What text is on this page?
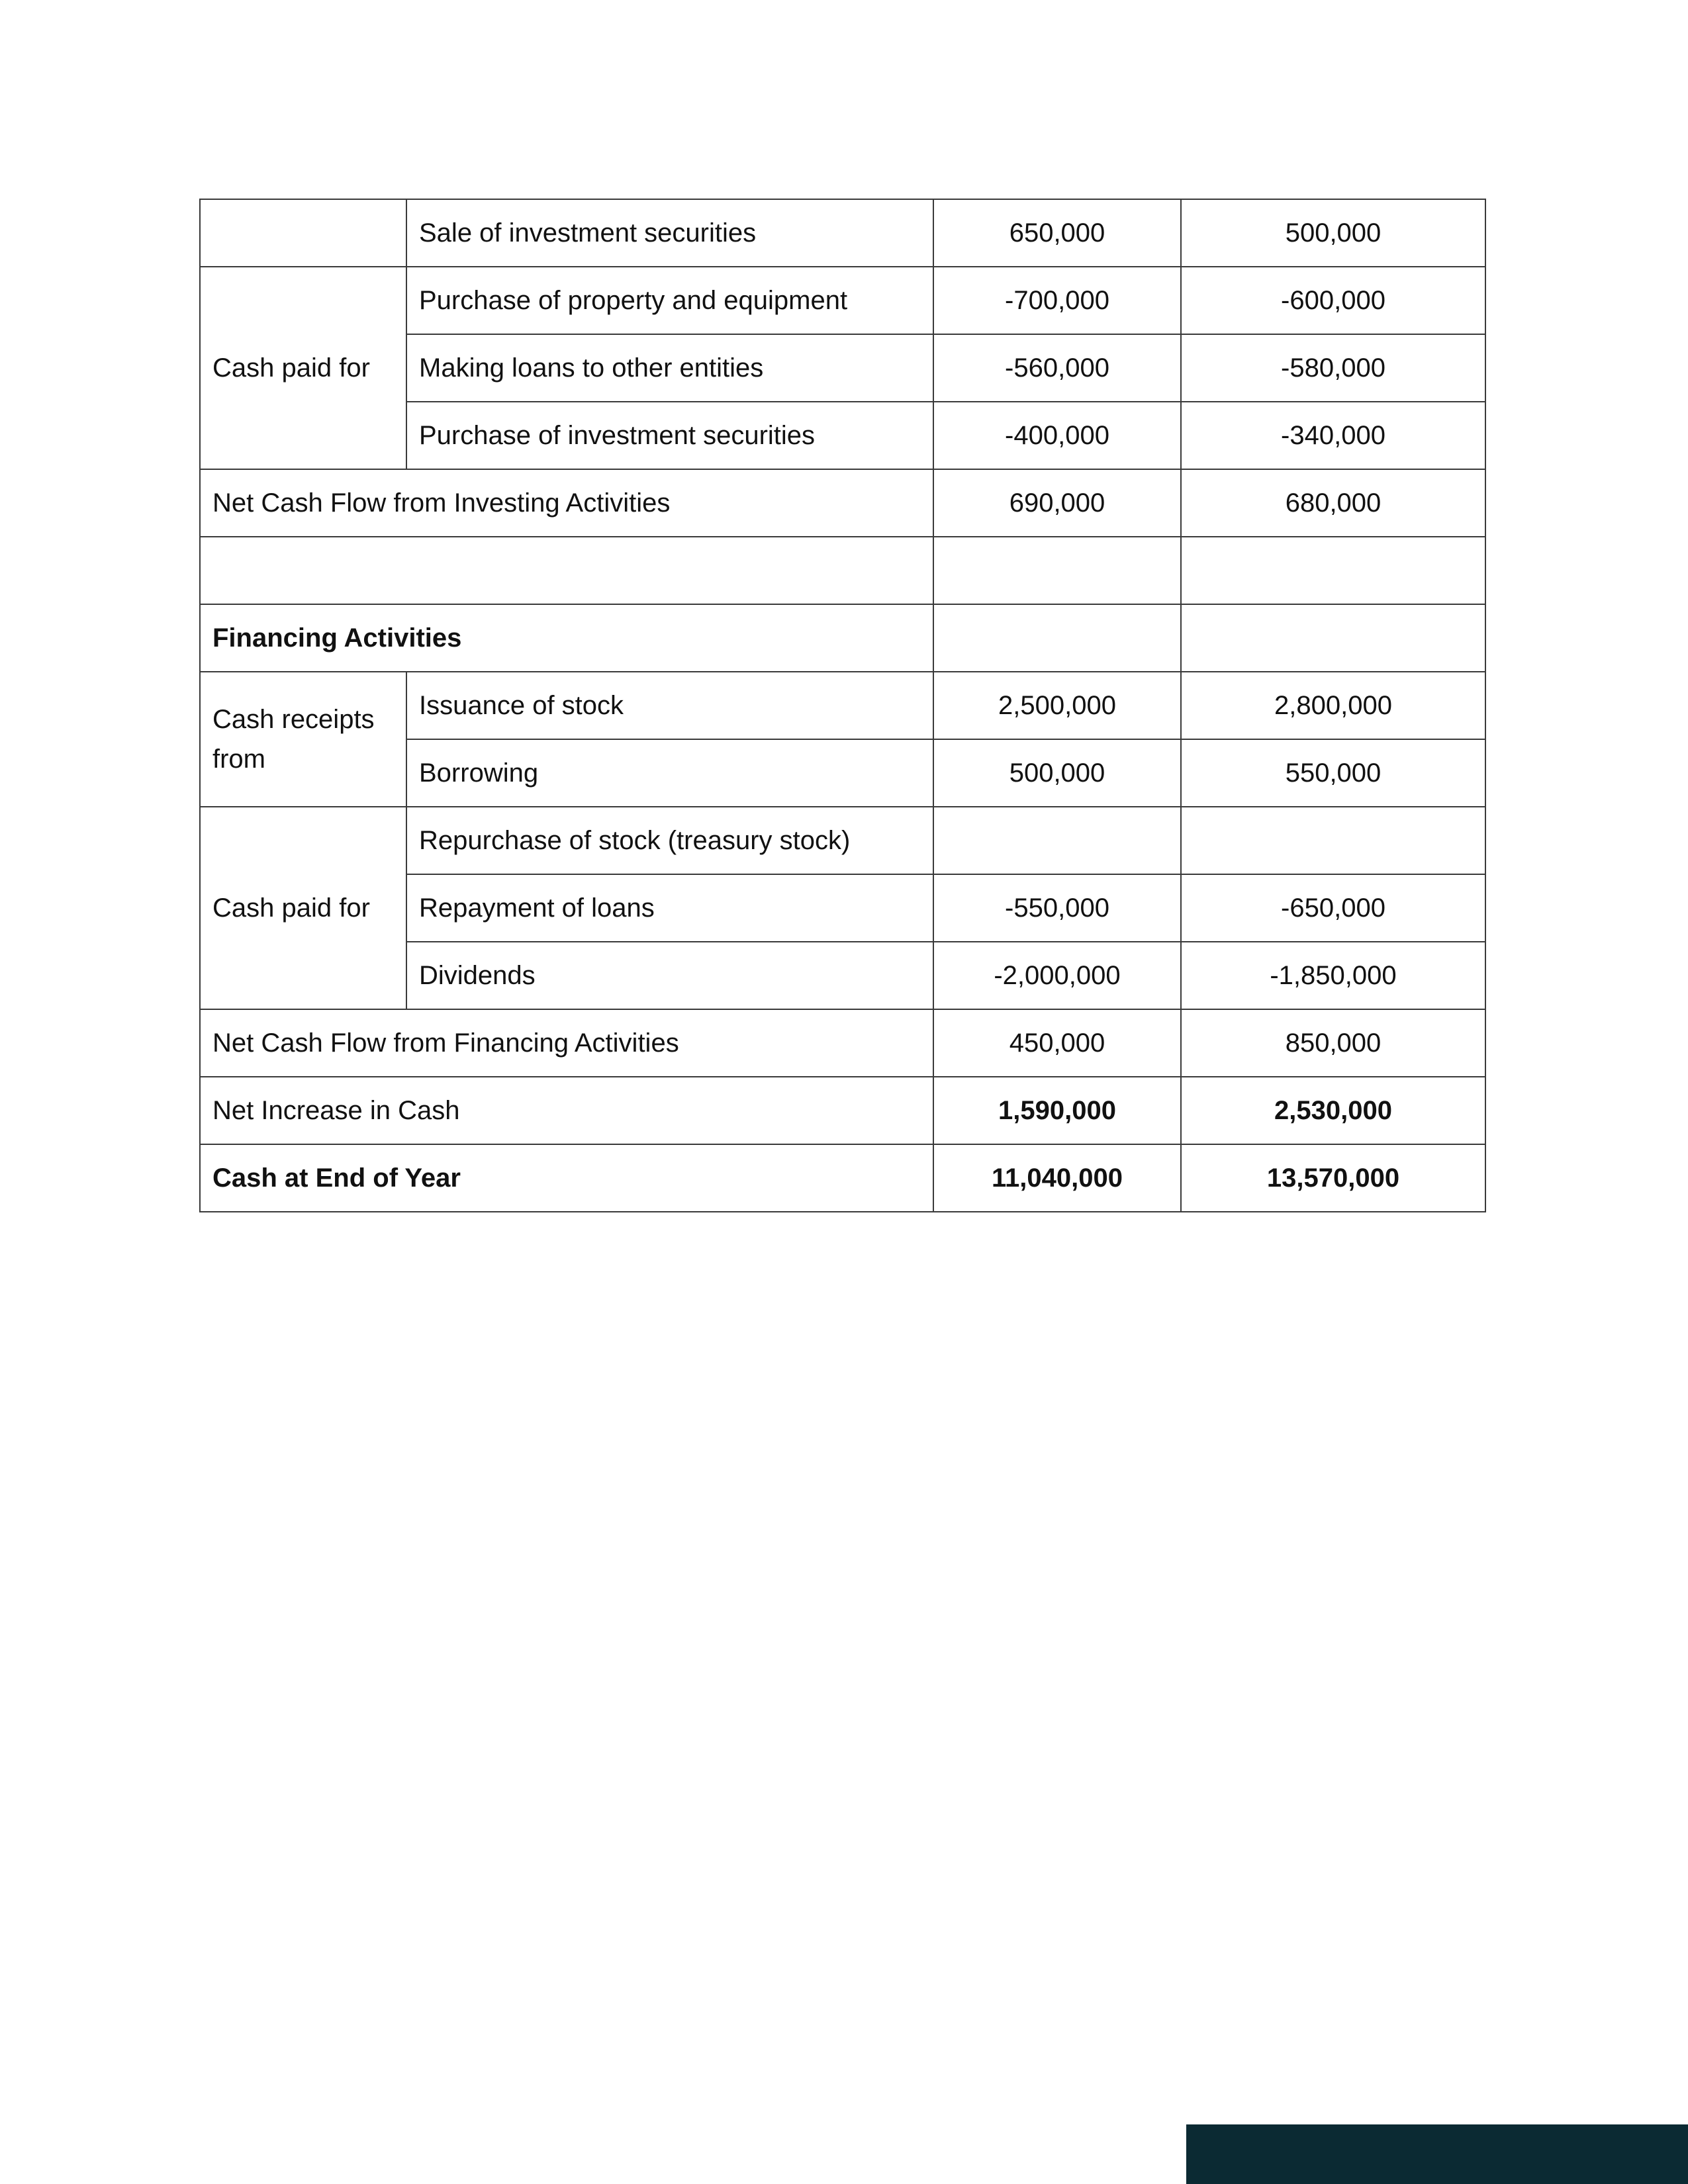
	Sale of investment securities	650,000	500,000
Cash paid for	Purchase of property and equipment	-700,000	-600,000
	Making loans to other entities	-560,000	-580,000
	Purchase of investment securities	-400,000	-340,000
Net Cash Flow from Investing Activities		690,000	680,000

Financing Activities			
Cash receipts from	Issuance of stock	2,500,000	2,800,000
	Borrowing	500,000	550,000
Cash paid for	Repurchase of stock (treasury stock)		
	Repayment of loans	-550,000	-650,000
	Dividends	-2,000,000	-1,850,000
Net Cash Flow from Financing Activities		450,000	850,000
Net Increase in Cash		1,590,000	2,530,000
Cash at End of Year		11,040,000	13,570,000
